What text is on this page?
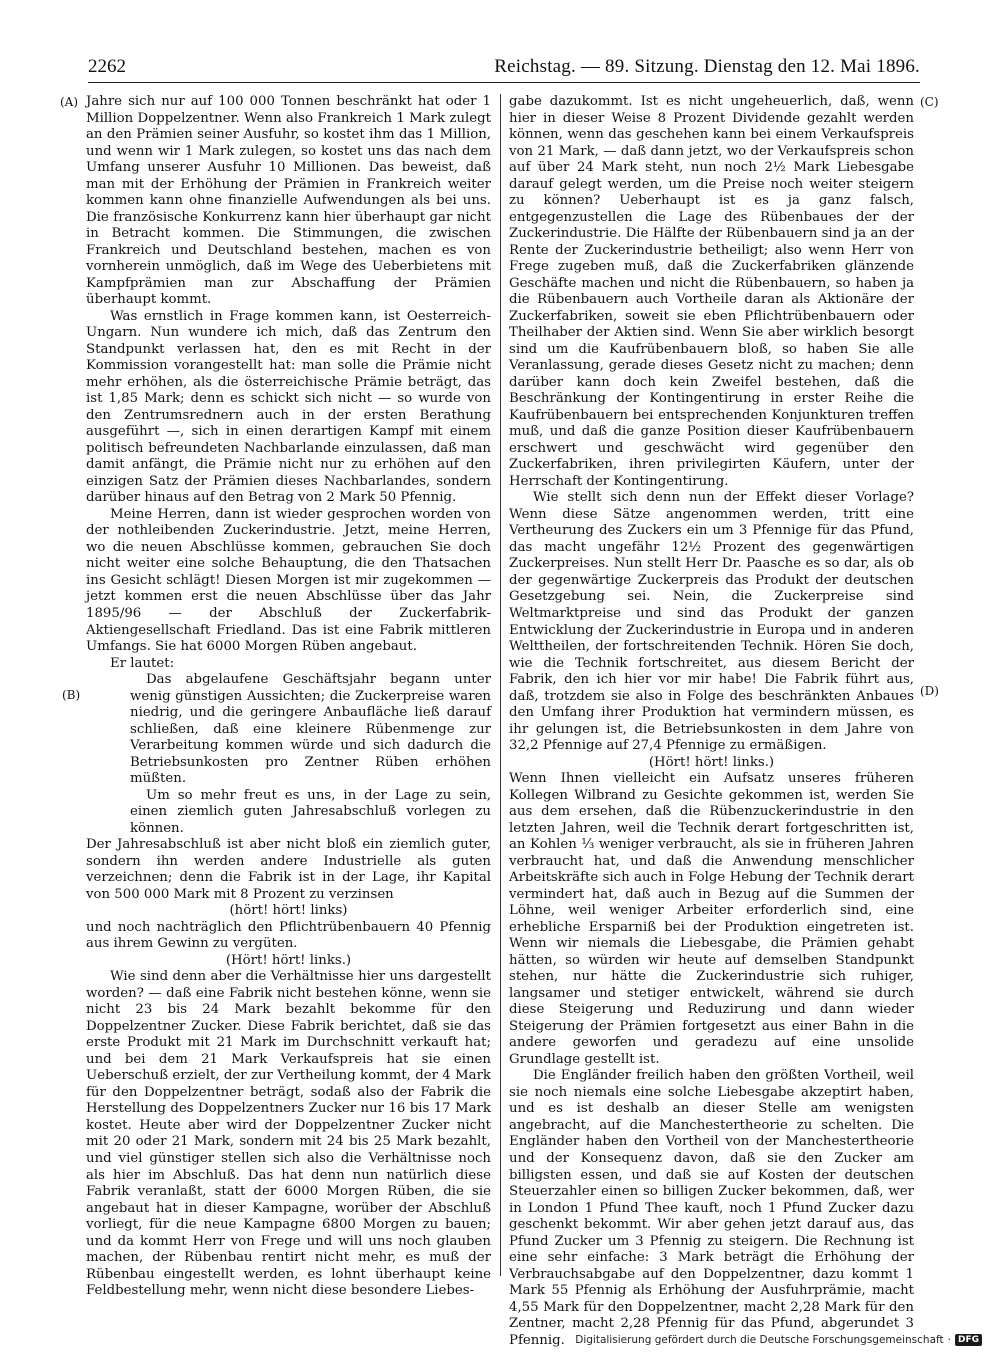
2262	Reichstag. — 89. Sitzung. Dienstag den 12. Mai 1896.
(A)
(B)
(C)
(D)

Jahre sich nur auf 100 000 Tonnen beschränkt hat oder 1 Million Doppelzentner. Wenn also Frankreich 1 Mark zulegt an den Prämien seiner Ausfuhr, so kostet ihm das 1 Million, und wenn wir 1 Mark zulegen, so kostet uns das nach dem Umfang unserer Ausfuhr 10 Millionen. Das beweist, daß man mit der Erhöhung der Prämien in Frankreich weiter kommen kann ohne finanzielle Aufwendungen als bei uns. Die französische Konkurrenz kann hier überhaupt gar nicht in Betracht kommen. Die Stimmungen, die zwischen Frankreich und Deutschland bestehen, machen es von vornherein unmöglich, daß im Wege des Ueberbietens mit Kampfprämien man zur Abschaffung der Prämien überhaupt kommt.

Was ernstlich in Frage kommen kann, ist Oesterreich-Ungarn. Nun wundere ich mich, daß das Zentrum den Standpunkt verlassen hat, den es mit Recht in der Kommission vorangestellt hat: man solle die Prämie nicht mehr erhöhen, als die österreichische Prämie beträgt, das ist 1,85 Mark; denn es schickt sich nicht — so wurde von den Zentrumsrednern auch in der ersten Berathung ausgeführt —, sich in einen derartigen Kampf mit einem politisch befreundeten Nachbarlande einzulassen, daß man damit anfängt, die Prämie nicht nur zu erhöhen auf den einzigen Satz der Prämien dieses Nachbarlandes, sondern darüber hinaus auf den Betrag von 2 Mark 50 Pfennig.

Meine Herren, dann ist wieder gesprochen worden von der nothleibenden Zuckerindustrie. Jetzt, meine Herren, wo die neuen Abschlüsse kommen, gebrauchen Sie doch nicht weiter eine solche Behauptung, die den Thatsachen ins Gesicht schlägt! Diesen Morgen ist mir zugekommen — jetzt kommen erst die neuen Abschlüsse über das Jahr 1895/96 — der Abschluß der Zuckerfabrik-Aktiengesellschaft Friedland. Das ist eine Fabrik mittleren Umfangs. Sie hat 6000 Morgen Rüben angebaut.

Er lautet:

Das abgelaufene Geschäftsjahr begann unter wenig günstigen Aussichten; die Zuckerpreise waren niedrig, und die geringere Anbaufläche ließ darauf schließen, daß eine kleinere Rübenmenge zur Verarbeitung kommen würde und sich dadurch die Betriebsunkosten pro Zentner Rüben erhöhen müßten.

Um so mehr freut es uns, in der Lage zu sein, einen ziemlich guten Jahresabschluß vorlegen zu können.

Der Jahresabschluß ist aber nicht bloß ein ziemlich guter, sondern ihn werden andere Industrielle als guten verzeichnen; denn die Fabrik ist in der Lage, ihr Kapital von 500 000 Mark mit 8 Prozent zu verzinsen

(hört! hört! links)

und noch nachträglich den Pflichtrübenbauern 40 Pfennig aus ihrem Gewinn zu vergüten.

(Hört! hört! links.)

Wie sind denn aber die Verhältnisse hier uns dargestellt worden? — daß eine Fabrik nicht bestehen könne, wenn sie nicht 23 bis 24 Mark bezahlt bekomme für den Doppelzentner Zucker. Diese Fabrik berichtet, daß sie das erste Produkt mit 21 Mark im Durchschnitt verkauft hat; und bei dem 21 Mark Verkaufspreis hat sie einen Ueberschuß erzielt, der zur Vertheilung kommt, der 4 Mark für den Doppelzentner beträgt, sodaß also der Fabrik die Herstellung des Doppelzentners Zucker nur 16 bis 17 Mark kostet. Heute aber wird der Doppelzentner Zucker nicht mit 20 oder 21 Mark, sondern mit 24 bis 25 Mark bezahlt, und viel günstiger stellen sich also die Verhältnisse noch als hier im Abschluß. Das hat denn nun natürlich diese Fabrik veranlaßt, statt der 6000 Morgen Rüben, die sie angebaut hat in dieser Kampagne, worüber der Abschluß vorliegt, für die neue Kampagne 6800 Morgen zu bauen; und da kommt Herr von Frege und will uns noch glauben machen, der Rübenbau rentirt nicht mehr, es muß der Rübenbau eingestellt werden, es lohnt überhaupt keine Feldbestellung mehr, wenn nicht diese besondere Liebes-

gabe dazukommt. Ist es nicht ungeheuerlich, daß, wenn hier in dieser Weise 8 Prozent Dividende gezahlt werden können, wenn das geschehen kann bei einem Verkaufspreis von 21 Mark, — daß dann jetzt, wo der Verkaufspreis schon auf über 24 Mark steht, nun noch 2½ Mark Liebesgabe darauf gelegt werden, um die Preise noch weiter steigern zu können? Ueberhaupt ist es ja ganz falsch, entgegenzustellen die Lage des Rübenbaues der der Zuckerindustrie. Die Hälfte der Rübenbauern sind ja an der Rente der Zuckerindustrie betheiligt; also wenn Herr von Frege zugeben muß, daß die Zuckerfabriken glänzende Geschäfte machen und nicht die Rübenbauern, so haben ja die Rübenbauern auch Vortheile daran als Aktionäre der Zuckerfabriken, soweit sie eben Pflichtrübenbauern oder Theilhaber der Aktien sind. Wenn Sie aber wirklich besorgt sind um die Kaufrübenbauern bloß, so haben Sie alle Veranlassung, gerade dieses Gesetz nicht zu machen; denn darüber kann doch kein Zweifel bestehen, daß die Beschränkung der Kontingentirung in erster Reihe die Kaufrübenbauern bei entsprechenden Konjunkturen treffen muß, und daß die ganze Position dieser Kaufrübenbauern erschwert und geschwächt wird gegenüber den Zuckerfabriken, ihren privilegirten Käufern, unter der Herrschaft der Kontingentirung.

Wie stellt sich denn nun der Effekt dieser Vorlage? Wenn diese Sätze angenommen werden, tritt eine Vertheurung des Zuckers ein um 3 Pfennige für das Pfund, das macht ungefähr 12½ Prozent des gegenwärtigen Zuckerpreises. Nun stellt Herr Dr. Paasche es so dar, als ob der gegenwärtige Zuckerpreis das Produkt der deutschen Gesetzgebung sei. Nein, die Zuckerpreise sind Weltmarktpreise und sind das Produkt der ganzen Entwicklung der Zuckerindustrie in Europa und in anderen Welttheilen, der fortschreitenden Technik. Hören Sie doch, wie die Technik fortschreitet, aus diesem Bericht der Fabrik, den ich hier vor mir habe! Die Fabrik führt aus, daß, trotzdem sie also in Folge des beschränkten Anbaues den Umfang ihrer Produktion hat vermindern müssen, es ihr gelungen ist, die Betriebsunkosten in dem Jahre von 32,2 Pfennige auf 27,4 Pfennige zu ermäßigen.

(Hört! hört! links.)

Wenn Ihnen vielleicht ein Aufsatz unseres früheren Kollegen Wilbrand zu Gesichte gekommen ist, werden Sie aus dem ersehen, daß die Rübenzuckerindustrie in den letzten Jahren, weil die Technik derart fortgeschritten ist, an Kohlen ⅓ weniger verbraucht, als sie in früheren Jahren verbraucht hat, und daß die Anwendung menschlicher Arbeitskräfte sich auch in Folge Hebung der Technik derart vermindert hat, daß auch in Bezug auf die Summen der Löhne, weil weniger Arbeiter erforderlich sind, eine erhebliche Ersparniß bei der Produktion eingetreten ist. Wenn wir niemals die Liebesgabe, die Prämien gehabt hätten, so würden wir heute auf demselben Standpunkt stehen, nur hätte die Zuckerindustrie sich ruhiger, langsamer und stetiger entwickelt, während sie durch diese Steigerung und Reduzirung und dann wieder Steigerung der Prämien fortgesetzt aus einer Bahn in die andere geworfen und geradezu auf eine unsolide Grundlage gestellt ist.

Die Engländer freilich haben den größten Vortheil, weil sie noch niemals eine solche Liebesgabe akzeptirt haben, und es ist deshalb an dieser Stelle am wenigsten angebracht, auf die Manchestertheorie zu schelten. Die Engländer haben den Vortheil von der Manchestertheorie und der Konsequenz davon, daß sie den Zucker am billigsten essen, und daß sie auf Kosten der deutschen Steuerzahler einen so billigen Zucker bekommen, daß, wer in London 1 Pfund Thee kauft, noch 1 Pfund Zucker dazu geschenkt bekommt. Wir aber gehen jetzt darauf aus, das Pfund Zucker um 3 Pfennig zu steigern. Die Rechnung ist eine sehr einfache: 3 Mark beträgt die Erhöhung der Verbrauchsabgabe auf den Doppelzentner, dazu kommt 1 Mark 55 Pfennig als Erhöhung der Ausfuhrprämie, macht 4,55 Mark für den Doppelzentner, macht 2,28 Mark für den Zentner, macht 2,28 Pfennig für das Pfund, abgerundet 3 Pfennig. Digitalisierung gefördert durch die Deutsche Forschungsgemeinschaft · DFG
